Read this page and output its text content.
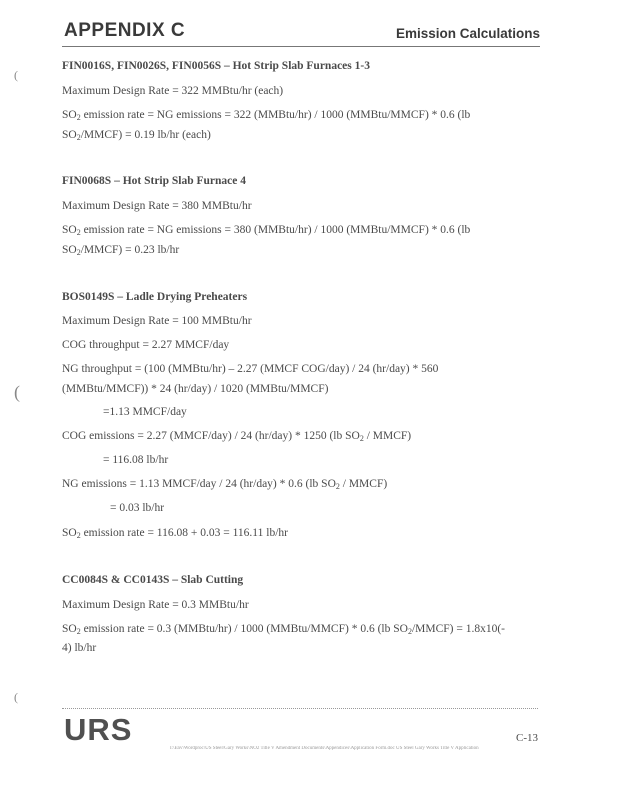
APPENDIX C	Emission Calculations
(
(
(
FIN0016S, FIN0026S, FIN0056S – Hot Strip Slab Furnaces 1-3
Maximum Design Rate = 322 MMBtu/hr (each)
$SO_2$ emission rate = NG emissions = 322 (MMBtu/hr) / 1000 (MMBtu/MMCF) * 0.6 (lb
$SO_2/MMCF) = 0.19$ lb/hr (each)
FIN0068S – Hot Strip Slab Furnace 4
Maximum Design Rate = 380 MMBtu/hr
$SO_2$ emission rate = NG emissions = 380 (MMBtu/hr) / 1000 (MMBtu/MMCF) * 0.6 (lb
$SO_2/MMCF) = 0.23$ lb/hr
BOS0149S – Ladle Drying Preheaters
Maximum Design Rate = 100 MMBtu/hr
COG throughput = 2.27 MMCF/day
NG throughput = (100 (MMBtu/hr) – 2.27 (MMCF COG/day) / 24 (hr/day) * 560
(MMBtu/MMCF)) * 24 (hr/day) / 1020 (MMBtu/MMCF)
=1.13 MMCF/day
COG emissions = 2.27 (MMCF/day) / 24 (hr/day) * 1250 (lb $SO_2$ / MMCF)
= 116.08 lb/hr
NG emissions = 1.13 MMCF/day / 24 (hr/day) * 0.6 (lb $SO_2$ / MMCF)
= 0.03 lb/hr
$SO_2$ emission rate = 116.08 + 0.03 = 116.11 lb/hr
CC0084S & CC0143S – Slab Cutting
Maximum Design Rate = 0.3 MMBtu/hr
$SO_2$ emission rate = 0.3 (MMBtu/hr) / 1000 (MMBtu/MMCF) * 0.6 (lb $SO_2/MMCF) = 1.8x10(-$
4) lb/hr
URS	C-13
I:\Env\Wordproc\US Steel\Gary Works\NO2 Title V Amendment Documents\Appendices\Application Form.doc US Steel Gary Works Title V Application
